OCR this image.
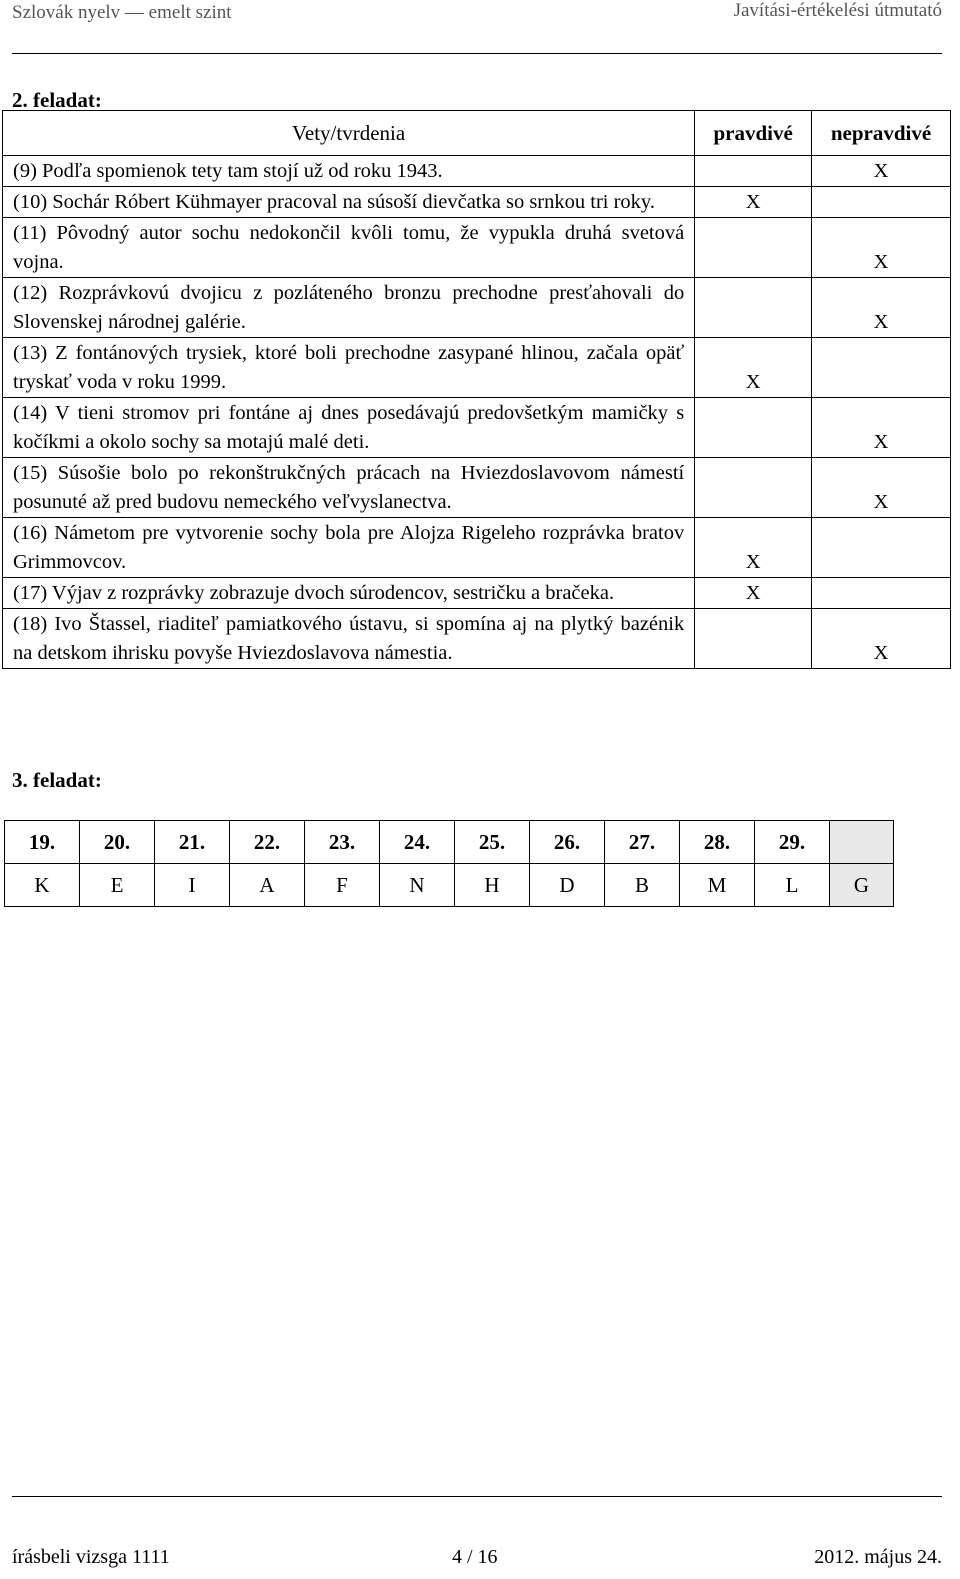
Szlovák nyelv — emelt szint	Javítási-értékelési útmutató
2. feladat:
Vety/tvrdenia	pravdivé	nepravdivé
(9) Podľa spomienok tety tam stojí už od roku 1943.		X
(10) Sochár Róbert Kühmayer pracoval na súsoší dievčatka so srnkou tri roky.	X	
(11) Pôvodný autor sochu nedokončil kvôli tomu, že vypukla druhá svetová vojna.		X
(12) Rozprávkovú dvojicu z pozláteného bronzu prechodne presťahovali do Slovenskej národnej galérie.		X
(13) Z fontánových trysiek, ktoré boli prechodne zasypané hlinou, začala opäť tryskať voda v roku 1999.	X	
(14) V tieni stromov pri fontáne aj dnes posedávajú predovšetkým mamičky s kočíkmi a okolo sochy sa motajú malé deti.		X
(15) Súsošie bolo po rekonštrukčných prácach na Hviezdoslavovom námestí posunuté až pred budovu nemeckého veľvyslanectva.		X
(16) Námetom pre vytvorenie sochy bola pre Alojza Rigeleho rozprávka bratov Grimmovcov.	X	
(17) Výjav z rozprávky zobrazuje dvoch súrodencov, sestričku a bračeka.	X	
(18) Ivo Štassel, riaditeľ pamiatkového ústavu, si spomína aj na plytký bazénik na detskom ihrisku povyše Hviezdoslavova námestia.		X
3. feladat:
19.	20.	21.	22.	23.	24.	25.	26.	27.	28.	29.	
K	E	I	A	F	N	H	D	B	M	L	G
írásbeli vizsga 1111	4 / 16	2012. május 24.
